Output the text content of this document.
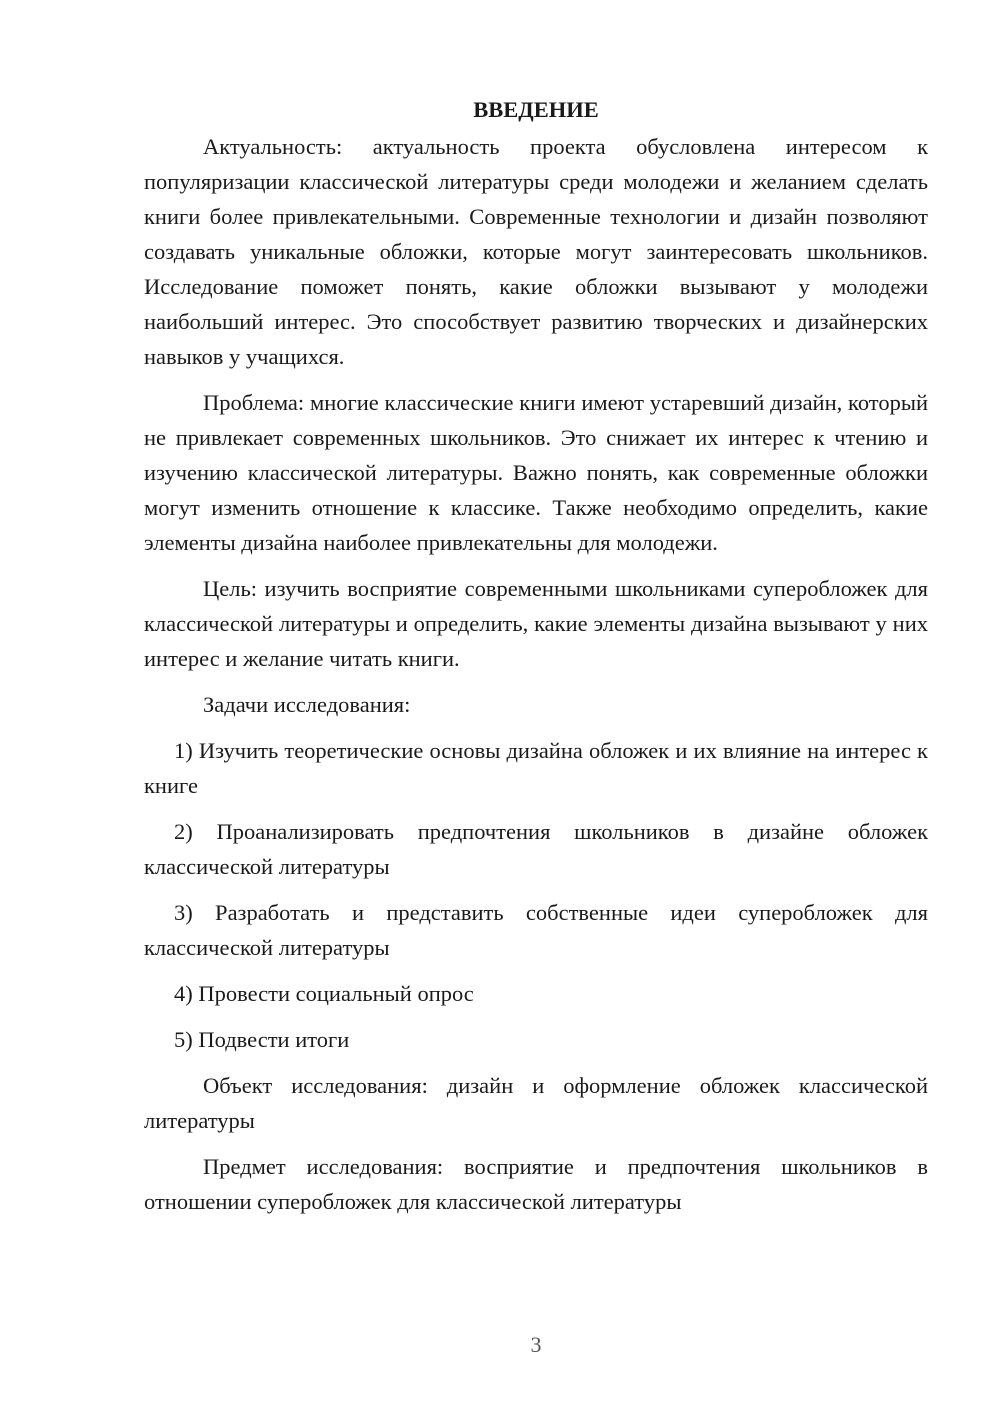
ВВЕДЕНИЕ

Актуальность: актуальность проекта обусловлена интересом к популяризации классической литературы среди молодежи и желанием сделать книги более привлекательными. Современные технологии и дизайн позволяют создавать уникальные обложки, которые могут заинтересовать школьников. Исследование поможет понять, какие обложки вызывают у молодежи наибольший интерес. Это способствует развитию творческих и дизайнерских навыков у учащихся.

Проблема: многие классические книги имеют устаревший дизайн, который не привлекает современных школьников. Это снижает их интерес к чтению и изучению классической литературы. Важно понять, как современные обложки могут изменить отношение к классике. Также необходимо определить, какие элементы дизайна наиболее привлекательны для молодежи.

Цель: изучить восприятие современными школьниками суперобложек для классической литературы и определить, какие элементы дизайна вызывают у них интерес и желание читать книги.

Задачи исследования:

1) Изучить теоретические основы дизайна обложек и их влияние на интерес к книге

2) Проанализировать предпочтения школьников в дизайне обложек классической литературы

3) Разработать и представить собственные идеи суперобложек для классической литературы

4) Провести социальный опрос

5) Подвести итоги

Объект исследования: дизайн и оформление обложек классической литературы

Предмет исследования: восприятие и предпочтения школьников в отношении суперобложек для классической литературы

3
